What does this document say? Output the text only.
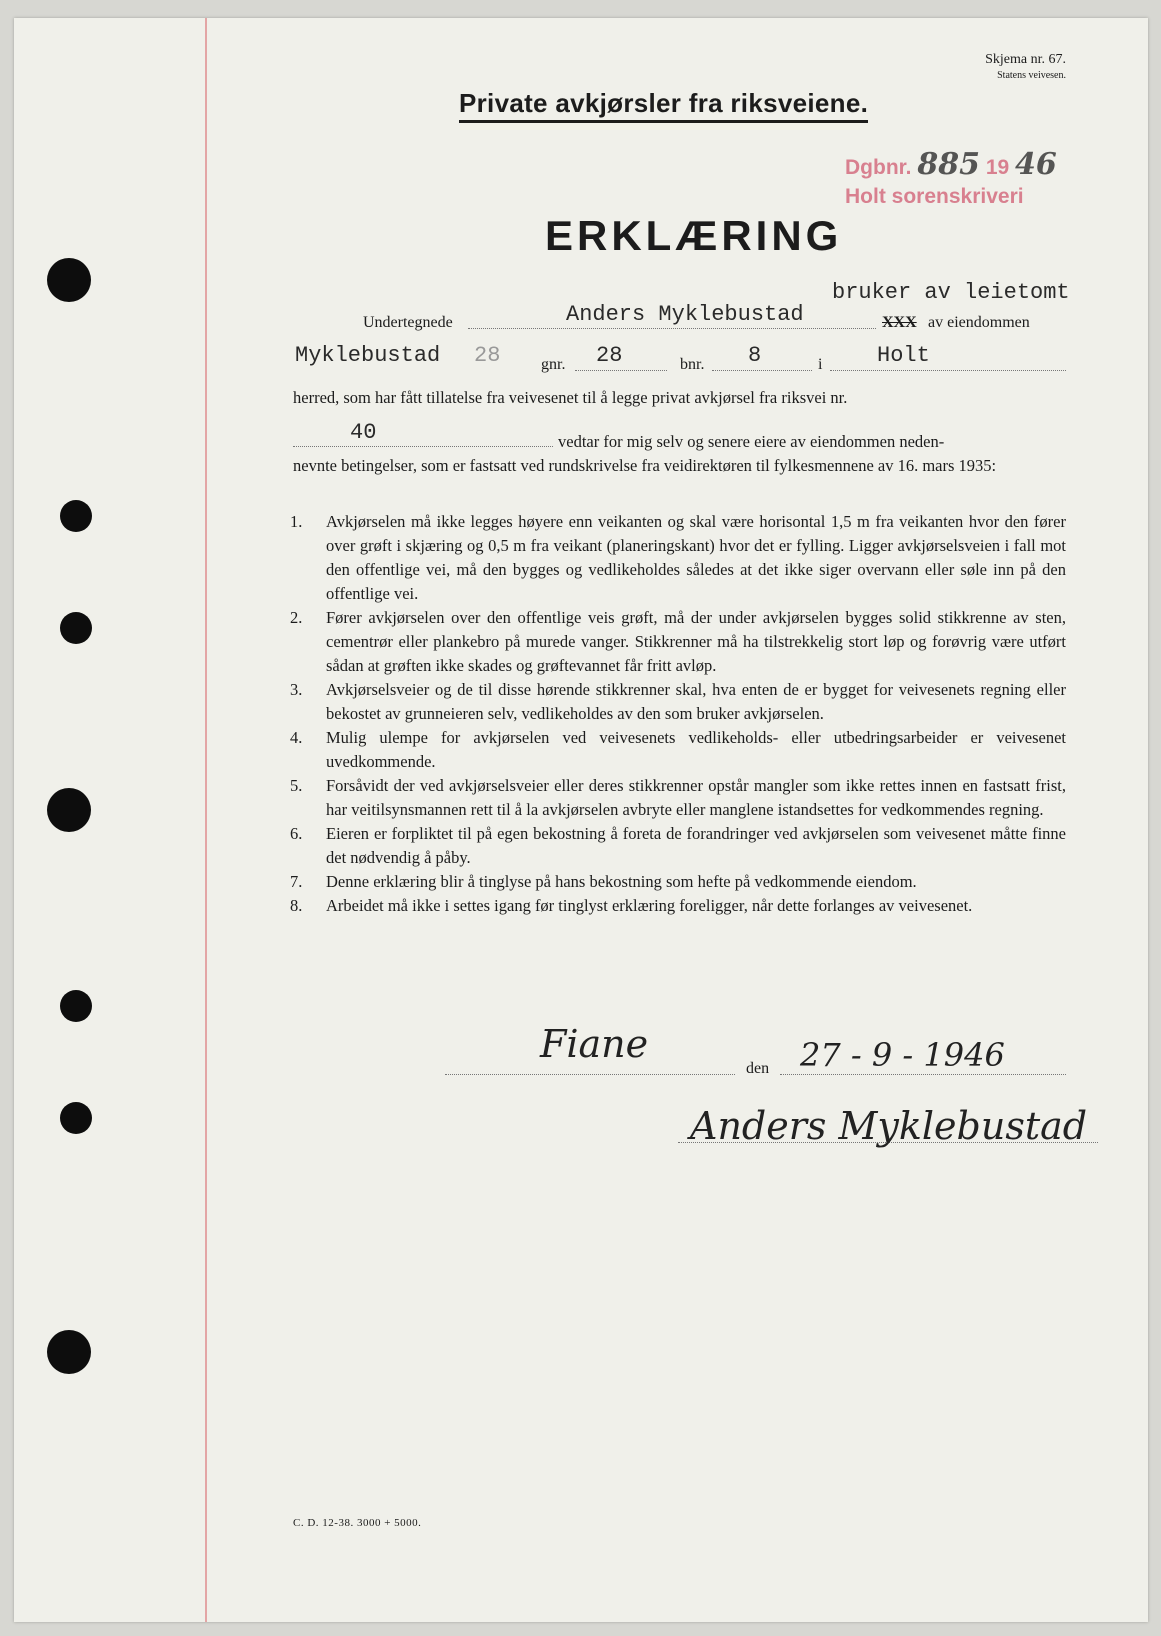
Skjema nr. 67.
Statens veivesen.
Private avkjørsler fra riksveiene.
Dgbnr. 885 19 46
Holt sorenskriveri
ERKLÆRING
bruker av leietomt
Undertegnede	Anders Myklebustad	XXX av eiendommen
Myklebustad 28	gnr. 28	bnr. 8	i Holt
herred, som har fått tillatelse fra veivesenet til å legge privat avkjørsel fra riksvei nr.
40	vedtar for mig selv og senere eiere av eiendommen neden-
nevnte betingelser, som er fastsatt ved rundskrivelse fra veidirektøren til fylkesmennene av 16. mars 1935:
1. Avkjørselen må ikke legges høyere enn veikanten og skal være horisontal 1,5 m fra veikanten hvor den fører over grøft i skjæring og 0,5 m fra veikant (planeringskant) hvor det er fylling. Ligger avkjørselsveien i fall mot den offentlige vei, må den bygges og vedlikeholdes således at det ikke siger overvann eller søle inn på den offentlige vei.
2. Fører avkjørselen over den offentlige veis grøft, må der under avkjørselen bygges solid stikkrenne av sten, cementrør eller plankebro på murede vanger. Stikkrenner må ha tilstrekkelig stort løp og forøvrig være utført sådan at grøften ikke skades og grøftevannet får fritt avløp.
3. Avkjørselsveier og de til disse hørende stikkrenner skal, hva enten de er bygget for veivesenets regning eller bekostet av grunneieren selv, vedlikeholdes av den som bruker avkjørselen.
4. Mulig ulempe for avkjørselen ved veivesenets vedlikeholds- eller utbedringsarbeider er veivesenet uvedkommende.
5. Forsåvidt der ved avkjørselsveier eller deres stikkrenner opstår mangler som ikke rettes innen en fastsatt frist, har veitilsynsmannen rett til å la avkjørselen avbryte eller manglene istandsettes for vedkommendes regning.
6. Eieren er forpliktet til på egen bekostning å foreta de forandringer ved avkjørselen som veivesenet måtte finne det nødvendig å påby.
7. Denne erklæring blir å tinglyse på hans bekostning som hefte på vedkommende eiendom.
8. Arbeidet må ikke i settes igang før tinglyst erklæring foreligger, når dette forlanges av veivesenet.
Fiane
den 27 - 9 - 1946
Anders Myklebustad
C. D. 12-38. 3000 + 5000.
